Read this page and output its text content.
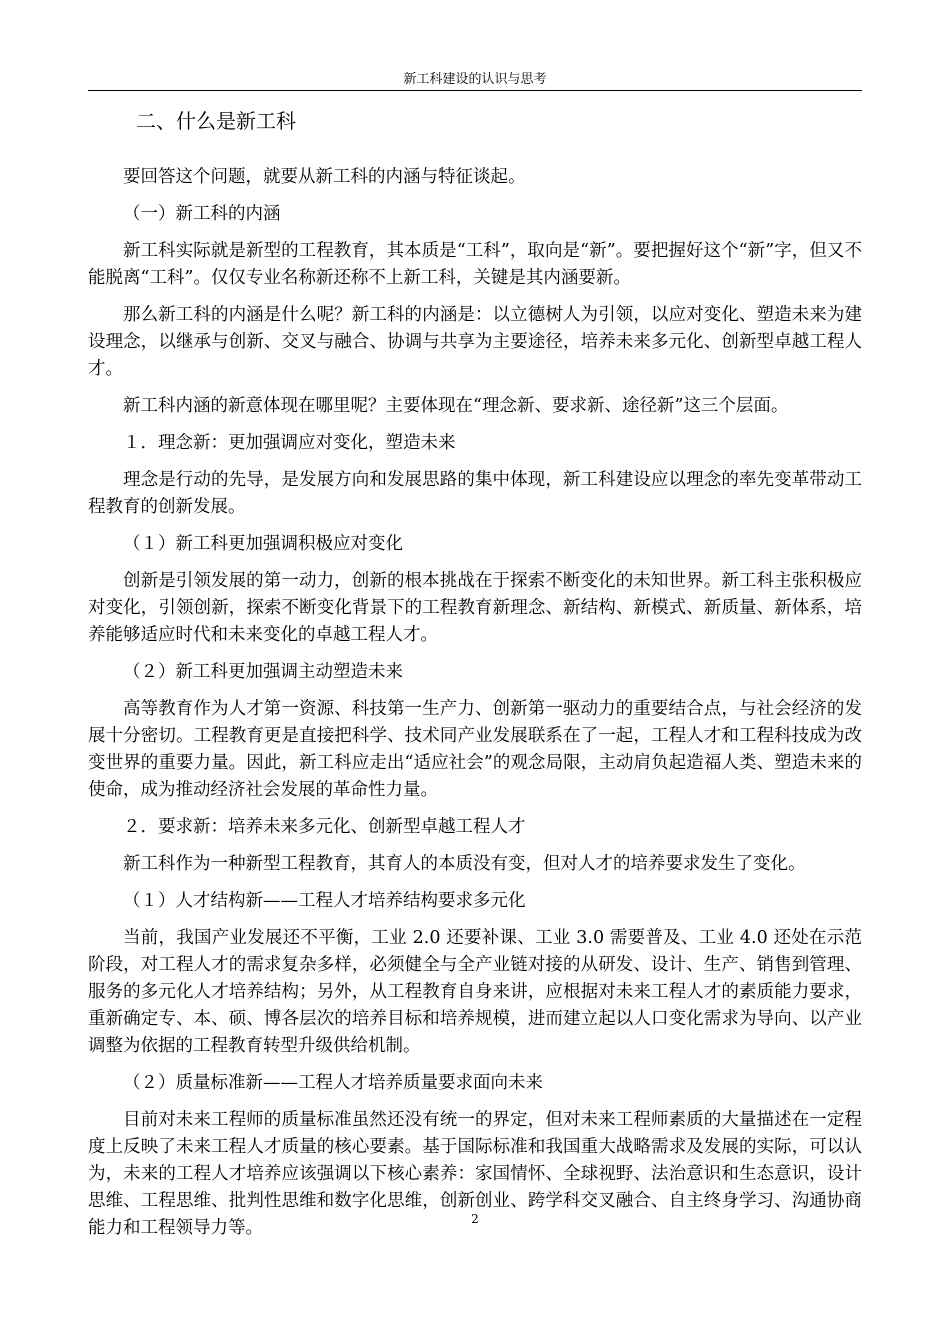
新工科建设的认识与思考
二、什么是新工科

要回答这个问题，就要从新工科的内涵与特征谈起。

（一）新工科的内涵

新工科实际就是新型的工程教育，其本质是“工科”，取向是“新”。要把握好这个“新”字，但又不能脱离“工科”。仅仅专业名称新还称不上新工科，关键是其内涵要新。

那么新工科的内涵是什么呢？新工科的内涵是：以立德树人为引领，以应对变化、塑造未来为建设理念，以继承与创新、交叉与融合、协调与共享为主要途径，培养未来多元化、创新型卓越工程人才。

新工科内涵的新意体现在哪里呢？主要体现在“理念新、要求新、途径新”这三个层面。

１．理念新：更加强调应对变化，塑造未来

理念是行动的先导，是发展方向和发展思路的集中体现，新工科建设应以理念的率先变革带动工程教育的创新发展。

（１）新工科更加强调积极应对变化

创新是引领发展的第一动力，创新的根本挑战在于探索不断变化的未知世界。新工科主张积极应对变化，引领创新，探索不断变化背景下的工程教育新理念、新结构、新模式、新质量、新体系，培养能够适应时代和未来变化的卓越工程人才。

（２）新工科更加强调主动塑造未来

高等教育作为人才第一资源、科技第一生产力、创新第一驱动力的重要结合点，与社会经济的发展十分密切。工程教育更是直接把科学、技术同产业发展联系在了一起，工程人才和工程科技成为改变世界的重要力量。因此，新工科应走出“适应社会”的观念局限，主动肩负起造福人类、塑造未来的使命，成为推动经济社会发展的革命性力量。

２．要求新：培养未来多元化、创新型卓越工程人才

新工科作为一种新型工程教育，其育人的本质没有变，但对人才的培养要求发生了变化。

（１）人才结构新——工程人才培养结构要求多元化

当前，我国产业发展还不平衡，工业 2.0 还要补课、工业 3.0 需要普及、工业 4.0 还处在示范阶段，对工程人才的需求复杂多样，必须健全与全产业链对接的从研发、设计、生产、销售到管理、服务的多元化人才培养结构；另外，从工程教育自身来讲，应根据对未来工程人才的素质能力要求，重新确定专、本、硕、博各层次的培养目标和培养规模，进而建立起以人口变化需求为导向、以产业调整为依据的工程教育转型升级供给机制。

（２）质量标准新——工程人才培养质量要求面向未来

目前对未来工程师的质量标准虽然还没有统一的界定，但对未来工程师素质的大量描述在一定程度上反映了未来工程人才质量的核心要素。基于国际标准和我国重大战略需求及发展的实际，可以认为，未来的工程人才培养应该强调以下核心素养：家国情怀、全球视野、法治意识和生态意识，设计思维、工程思维、批判性思维和数字化思维，创新创业、跨学科交叉融合、自主终身学习、沟通协商能力和工程领导力等。	2
